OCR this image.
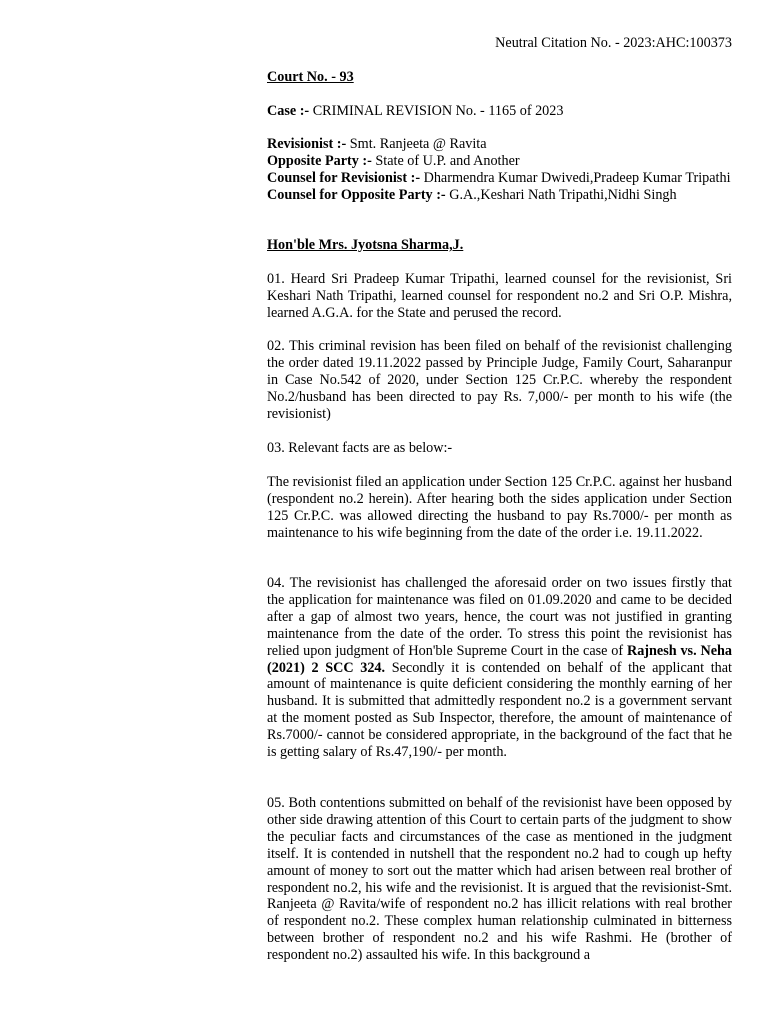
Neutral Citation No. - 2023:AHC:100373
Court No. - 93
Case :- CRIMINAL REVISION No. - 1165 of 2023
Revisionist :- Smt. Ranjeeta @ Ravita
Opposite Party :- State of U.P. and Another
Counsel for Revisionist :- Dharmendra Kumar Dwivedi,Pradeep Kumar Tripathi
Counsel for Opposite Party :- G.A.,Keshari Nath Tripathi,Nidhi Singh
Hon'ble Mrs. Jyotsna Sharma,J.
01. Heard Sri Pradeep Kumar Tripathi, learned counsel for the revisionist, Sri Keshari Nath Tripathi, learned counsel for respondent no.2 and Sri O.P. Mishra, learned A.G.A. for the State and perused the record.
02. This criminal revision has been filed on behalf of the revisionist challenging the order dated 19.11.2022 passed by Principle Judge, Family Court, Saharanpur in Case No.542 of 2020, under Section 125 Cr.P.C. whereby the respondent No.2/husband has been directed to pay Rs. 7,000/- per month to his wife (the revisionist)
03. Relevant facts are as below:-
The revisionist filed an application under Section 125 Cr.P.C. against her husband (respondent no.2 herein). After hearing both the sides application under Section 125 Cr.P.C. was allowed directing the husband to pay Rs.7000/- per month as maintenance to his wife beginning from the date of the order i.e. 19.11.2022.
04. The revisionist has challenged the aforesaid order on two issues firstly that the application for maintenance was filed on 01.09.2020 and came to be decided after a gap of almost two years, hence, the court was not justified in granting maintenance from the date of the order. To stress this point the revisionist has relied upon judgment of Hon'ble Supreme Court in the case of Rajnesh vs. Neha (2021) 2 SCC 324. Secondly it is contended on behalf of the applicant that amount of maintenance is quite deficient considering the monthly earning of her husband. It is submitted that admittedly respondent no.2 is a government servant at the moment posted as Sub Inspector, therefore, the amount of maintenance of Rs.7000/- cannot be considered appropriate, in the background of the fact that he is getting salary of Rs.47,190/- per month.
05. Both contentions submitted on behalf of the revisionist have been opposed by other side drawing attention of this Court to certain parts of the judgment to show the peculiar facts and circumstances of the case as mentioned in the judgment itself. It is contended in nutshell that the respondent no.2 had to cough up hefty amount of money to sort out the matter which had arisen between real brother of respondent no.2, his wife and the revisionist. It is argued that the revisionist-Smt. Ranjeeta @ Ravita/wife of respondent no.2 has illicit relations with real brother of respondent no.2. These complex human relationship culminated in bitterness between brother of respondent no.2 and his wife Rashmi. He (brother of respondent no.2) assaulted his wife. In this background a
